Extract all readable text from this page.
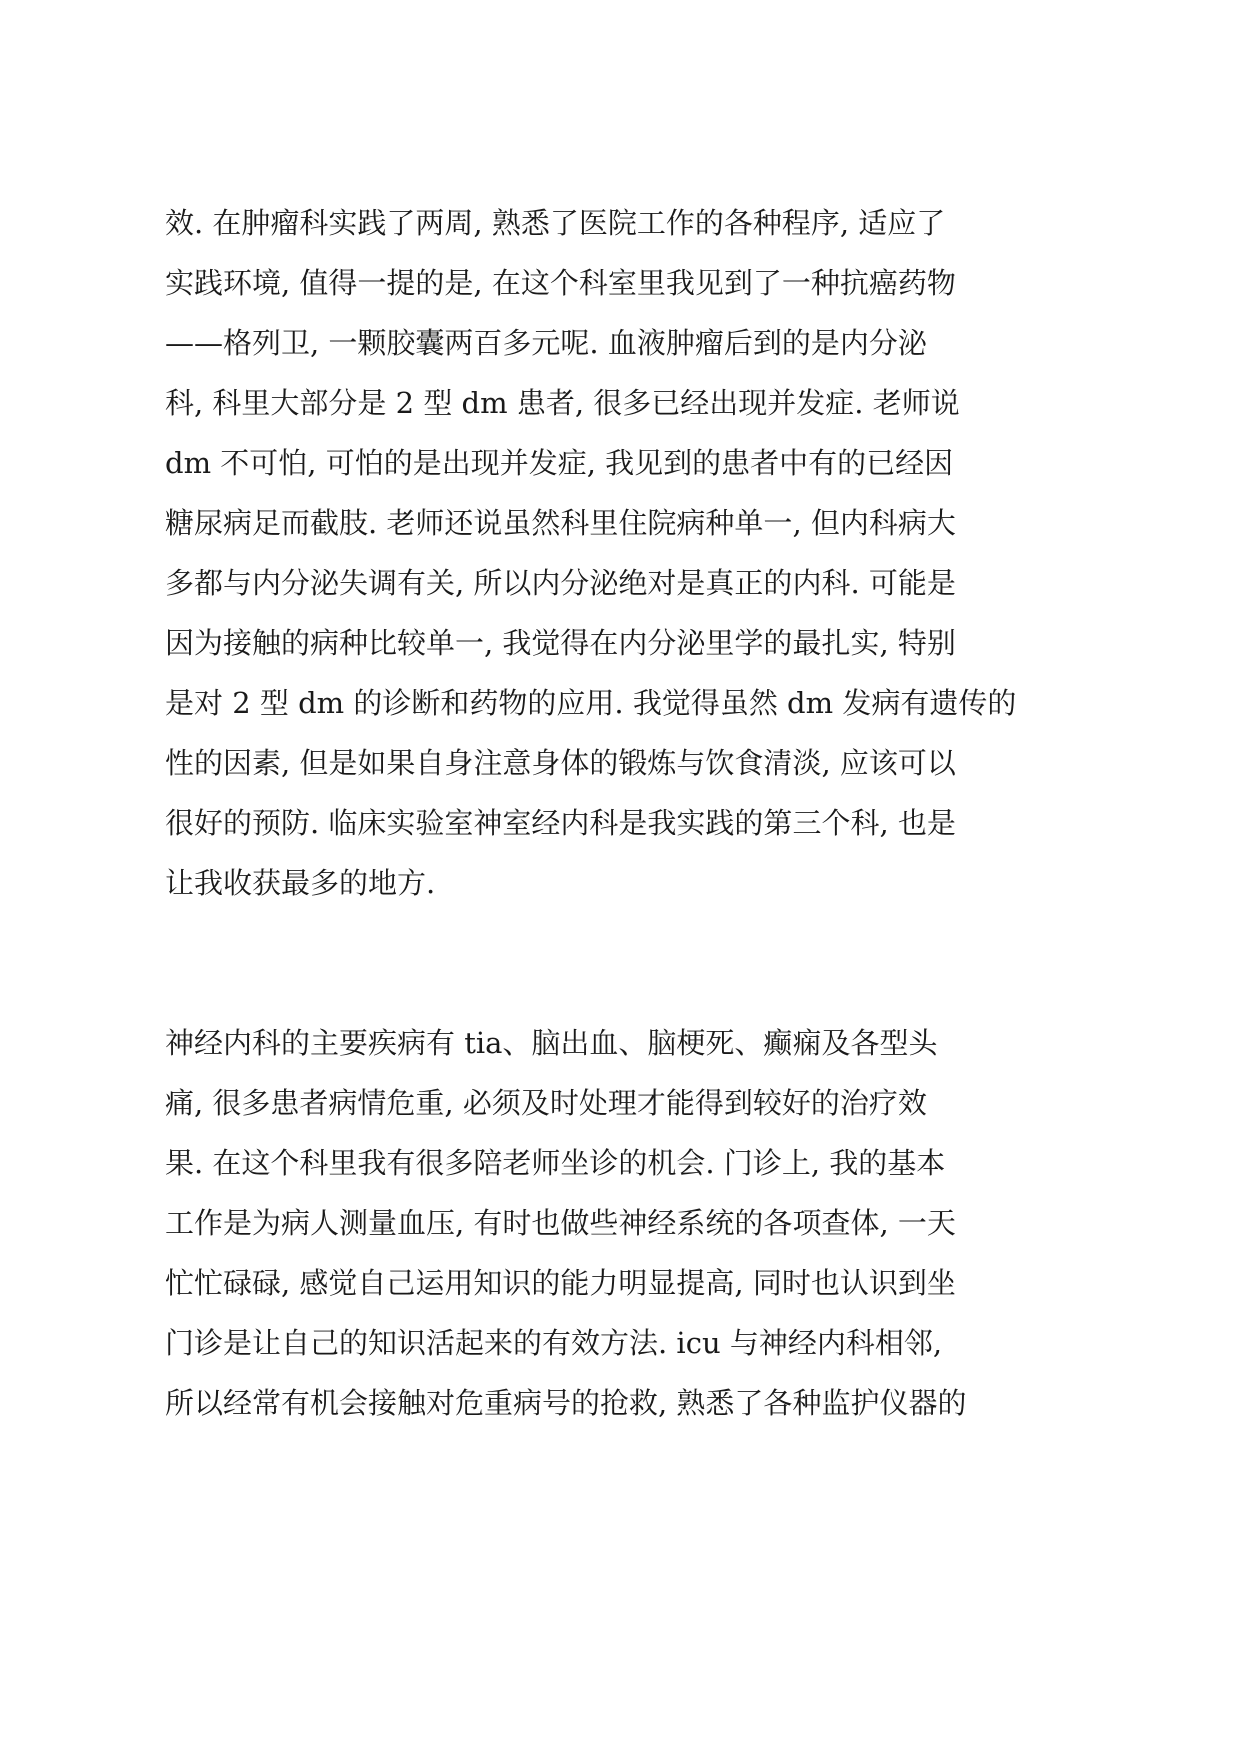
效. 在肿瘤科实践了两周, 熟悉了医院工作的各种程序, 适应了

实践环境, 值得一提的是, 在这个科室里我见到了一种抗癌药物

——格列卫, 一颗胶囊两百多元呢. 血液肿瘤后到的是内分泌

科, 科里大部分是 2 型 dm 患者, 很多已经出现并发症. 老师说

dm 不可怕, 可怕的是出现并发症, 我见到的患者中有的已经因

糖尿病足而截肢. 老师还说虽然科里住院病种单一, 但内科病大

多都与内分泌失调有关, 所以内分泌绝对是真正的内科. 可能是

因为接触的病种比较单一, 我觉得在内分泌里学的最扎实, 特别

是对 2 型 dm 的诊断和药物的应用. 我觉得虽然 dm 发病有遗传的

性的因素, 但是如果自身注意身体的锻炼与饮食清淡, 应该可以

很好的预防. 临床实验室神室经内科是我实践的第三个科, 也是

让我收获最多的地方.

神经内科的主要疾病有 tia、脑出血、脑梗死、癫痫及各型头

痛, 很多患者病情危重, 必须及时处理才能得到较好的治疗效

果. 在这个科里我有很多陪老师坐诊的机会. 门诊上, 我的基本

工作是为病人测量血压, 有时也做些神经系统的各项查体, 一天

忙忙碌碌, 感觉自己运用知识的能力明显提高, 同时也认识到坐

门诊是让自己的知识活起来的有效方法. icu 与神经内科相邻,

所以经常有机会接触对危重病号的抢救, 熟悉了各种监护仪器的
